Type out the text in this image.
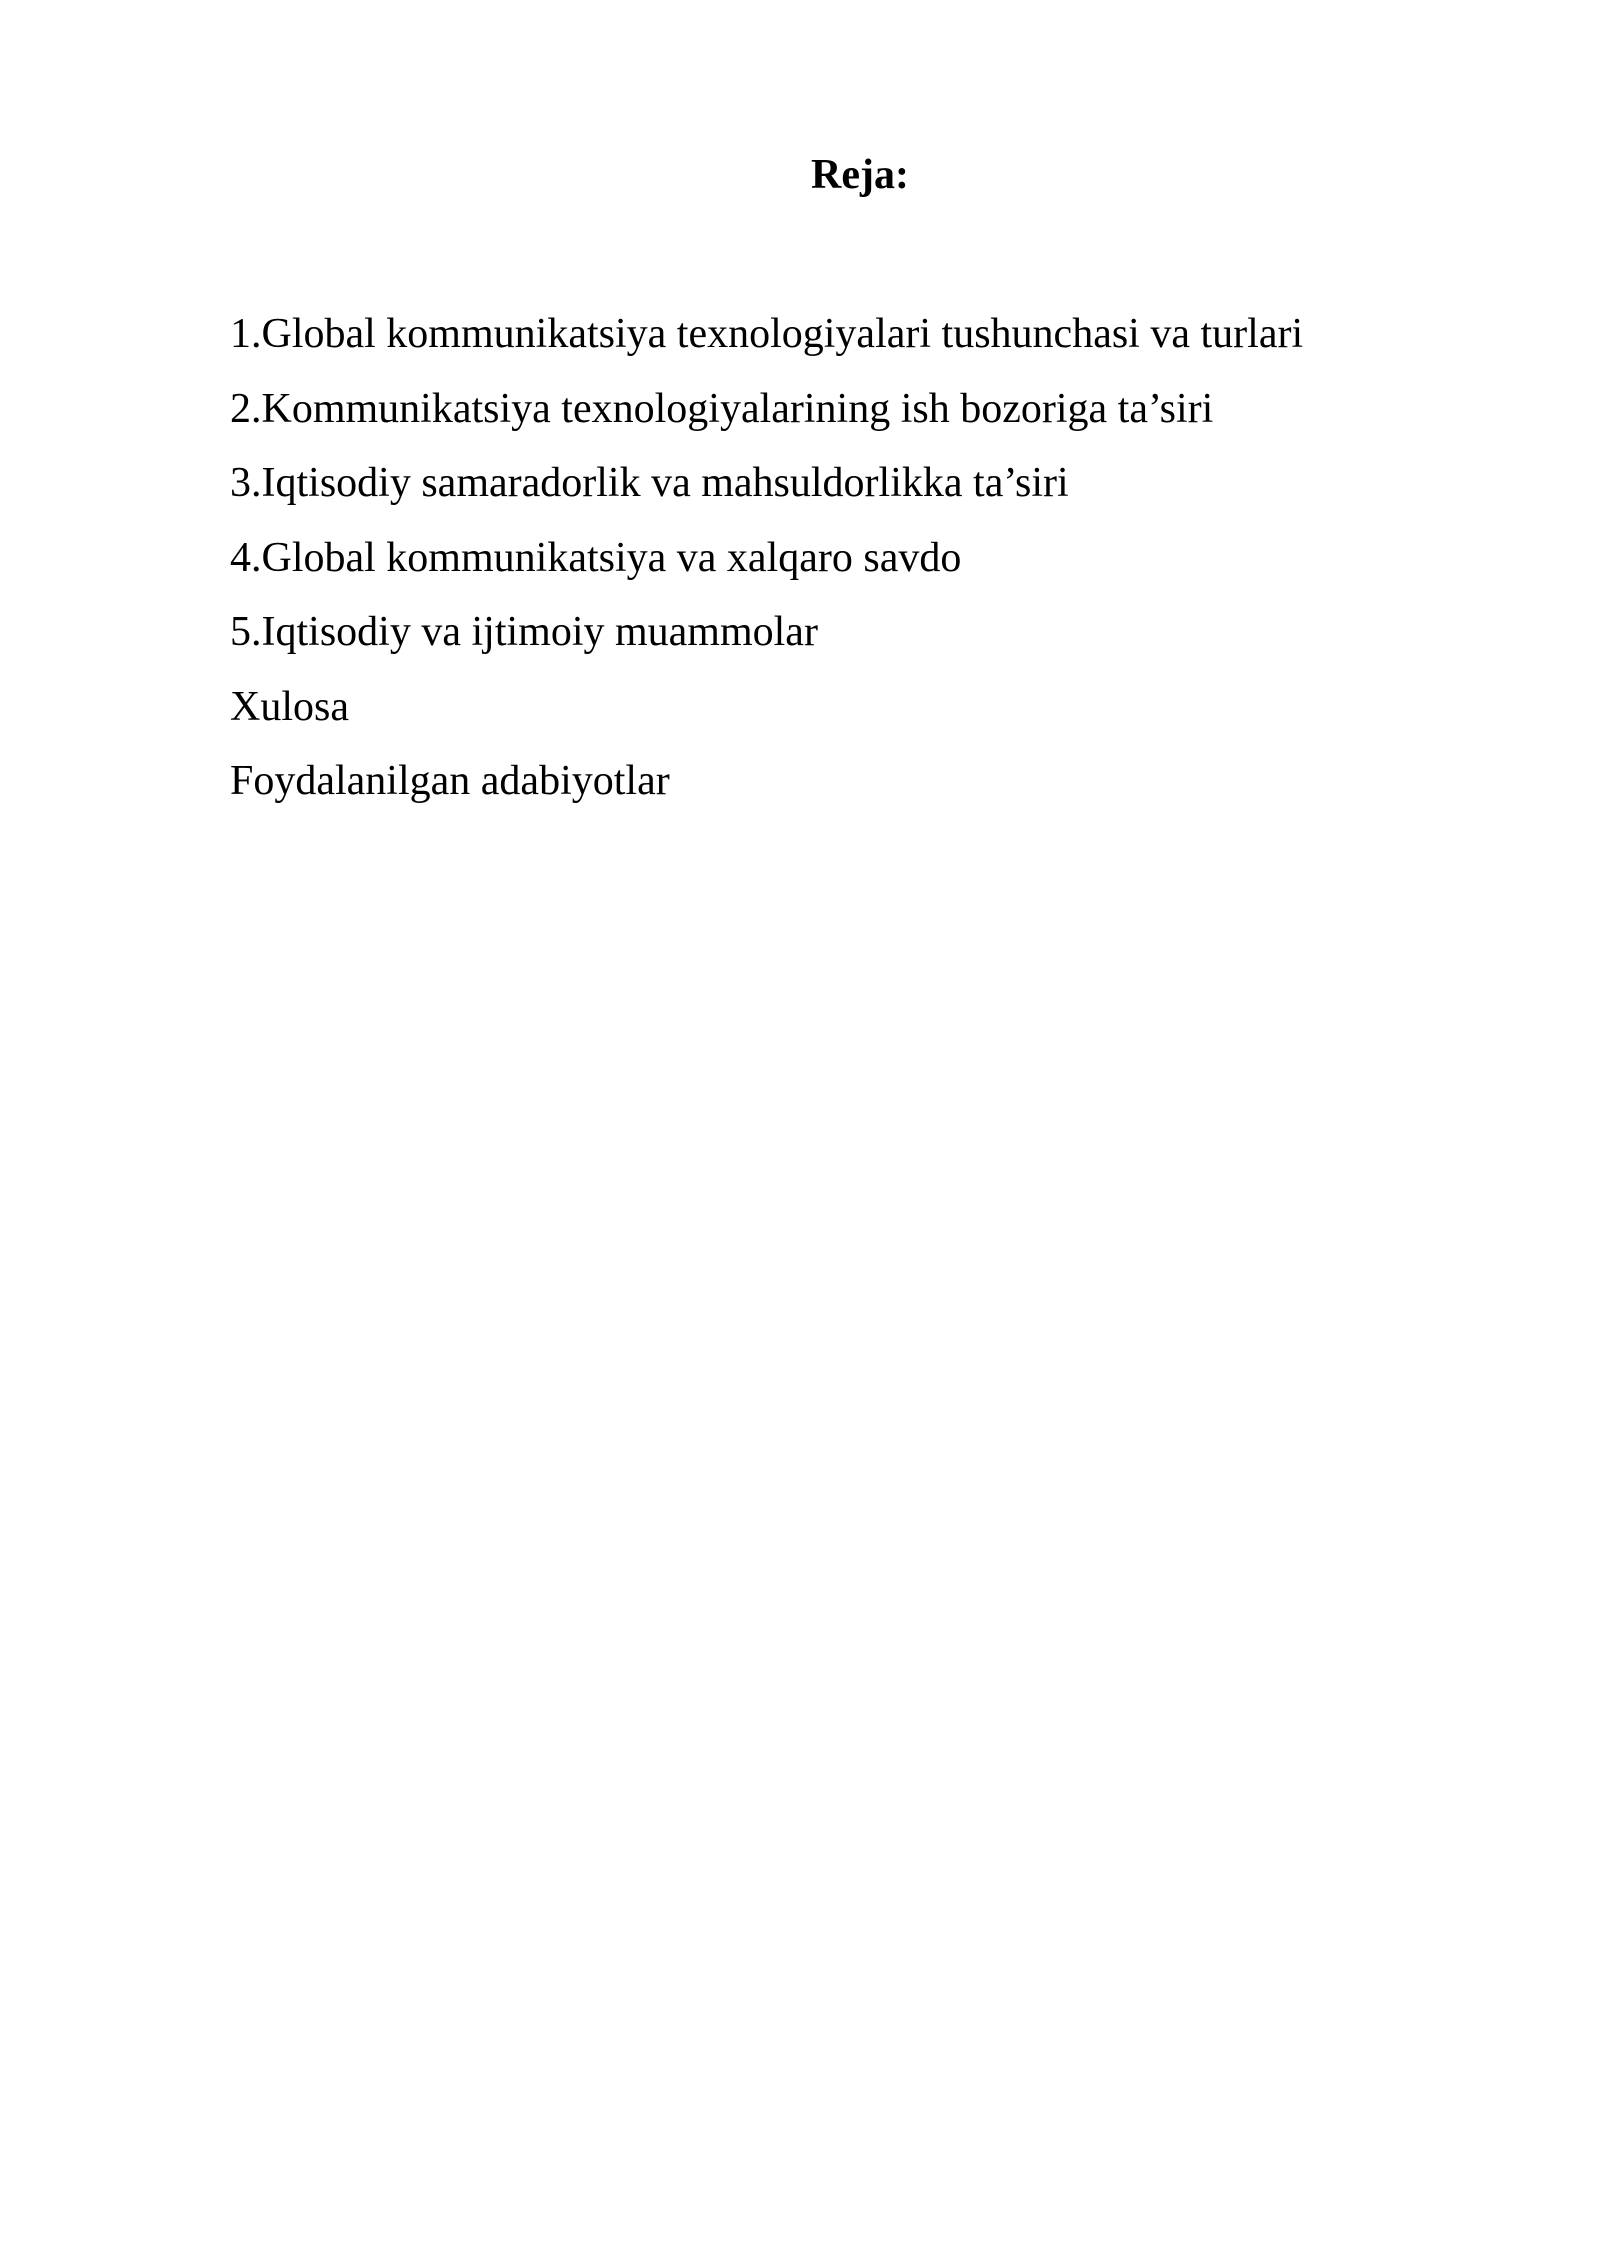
Reja:
1.Global kommunikatsiya texnologiyalari tushunchasi va turlari
2.Kommunikatsiya texnologiyalarining ish bozoriga ta’siri
3.Iqtisodiy samaradorlik va mahsuldorlikka ta’siri
4.Global kommunikatsiya va xalqaro savdo
5.Iqtisodiy va ijtimoiy muammolar
Xulosa
Foydalanilgan adabiyotlar
